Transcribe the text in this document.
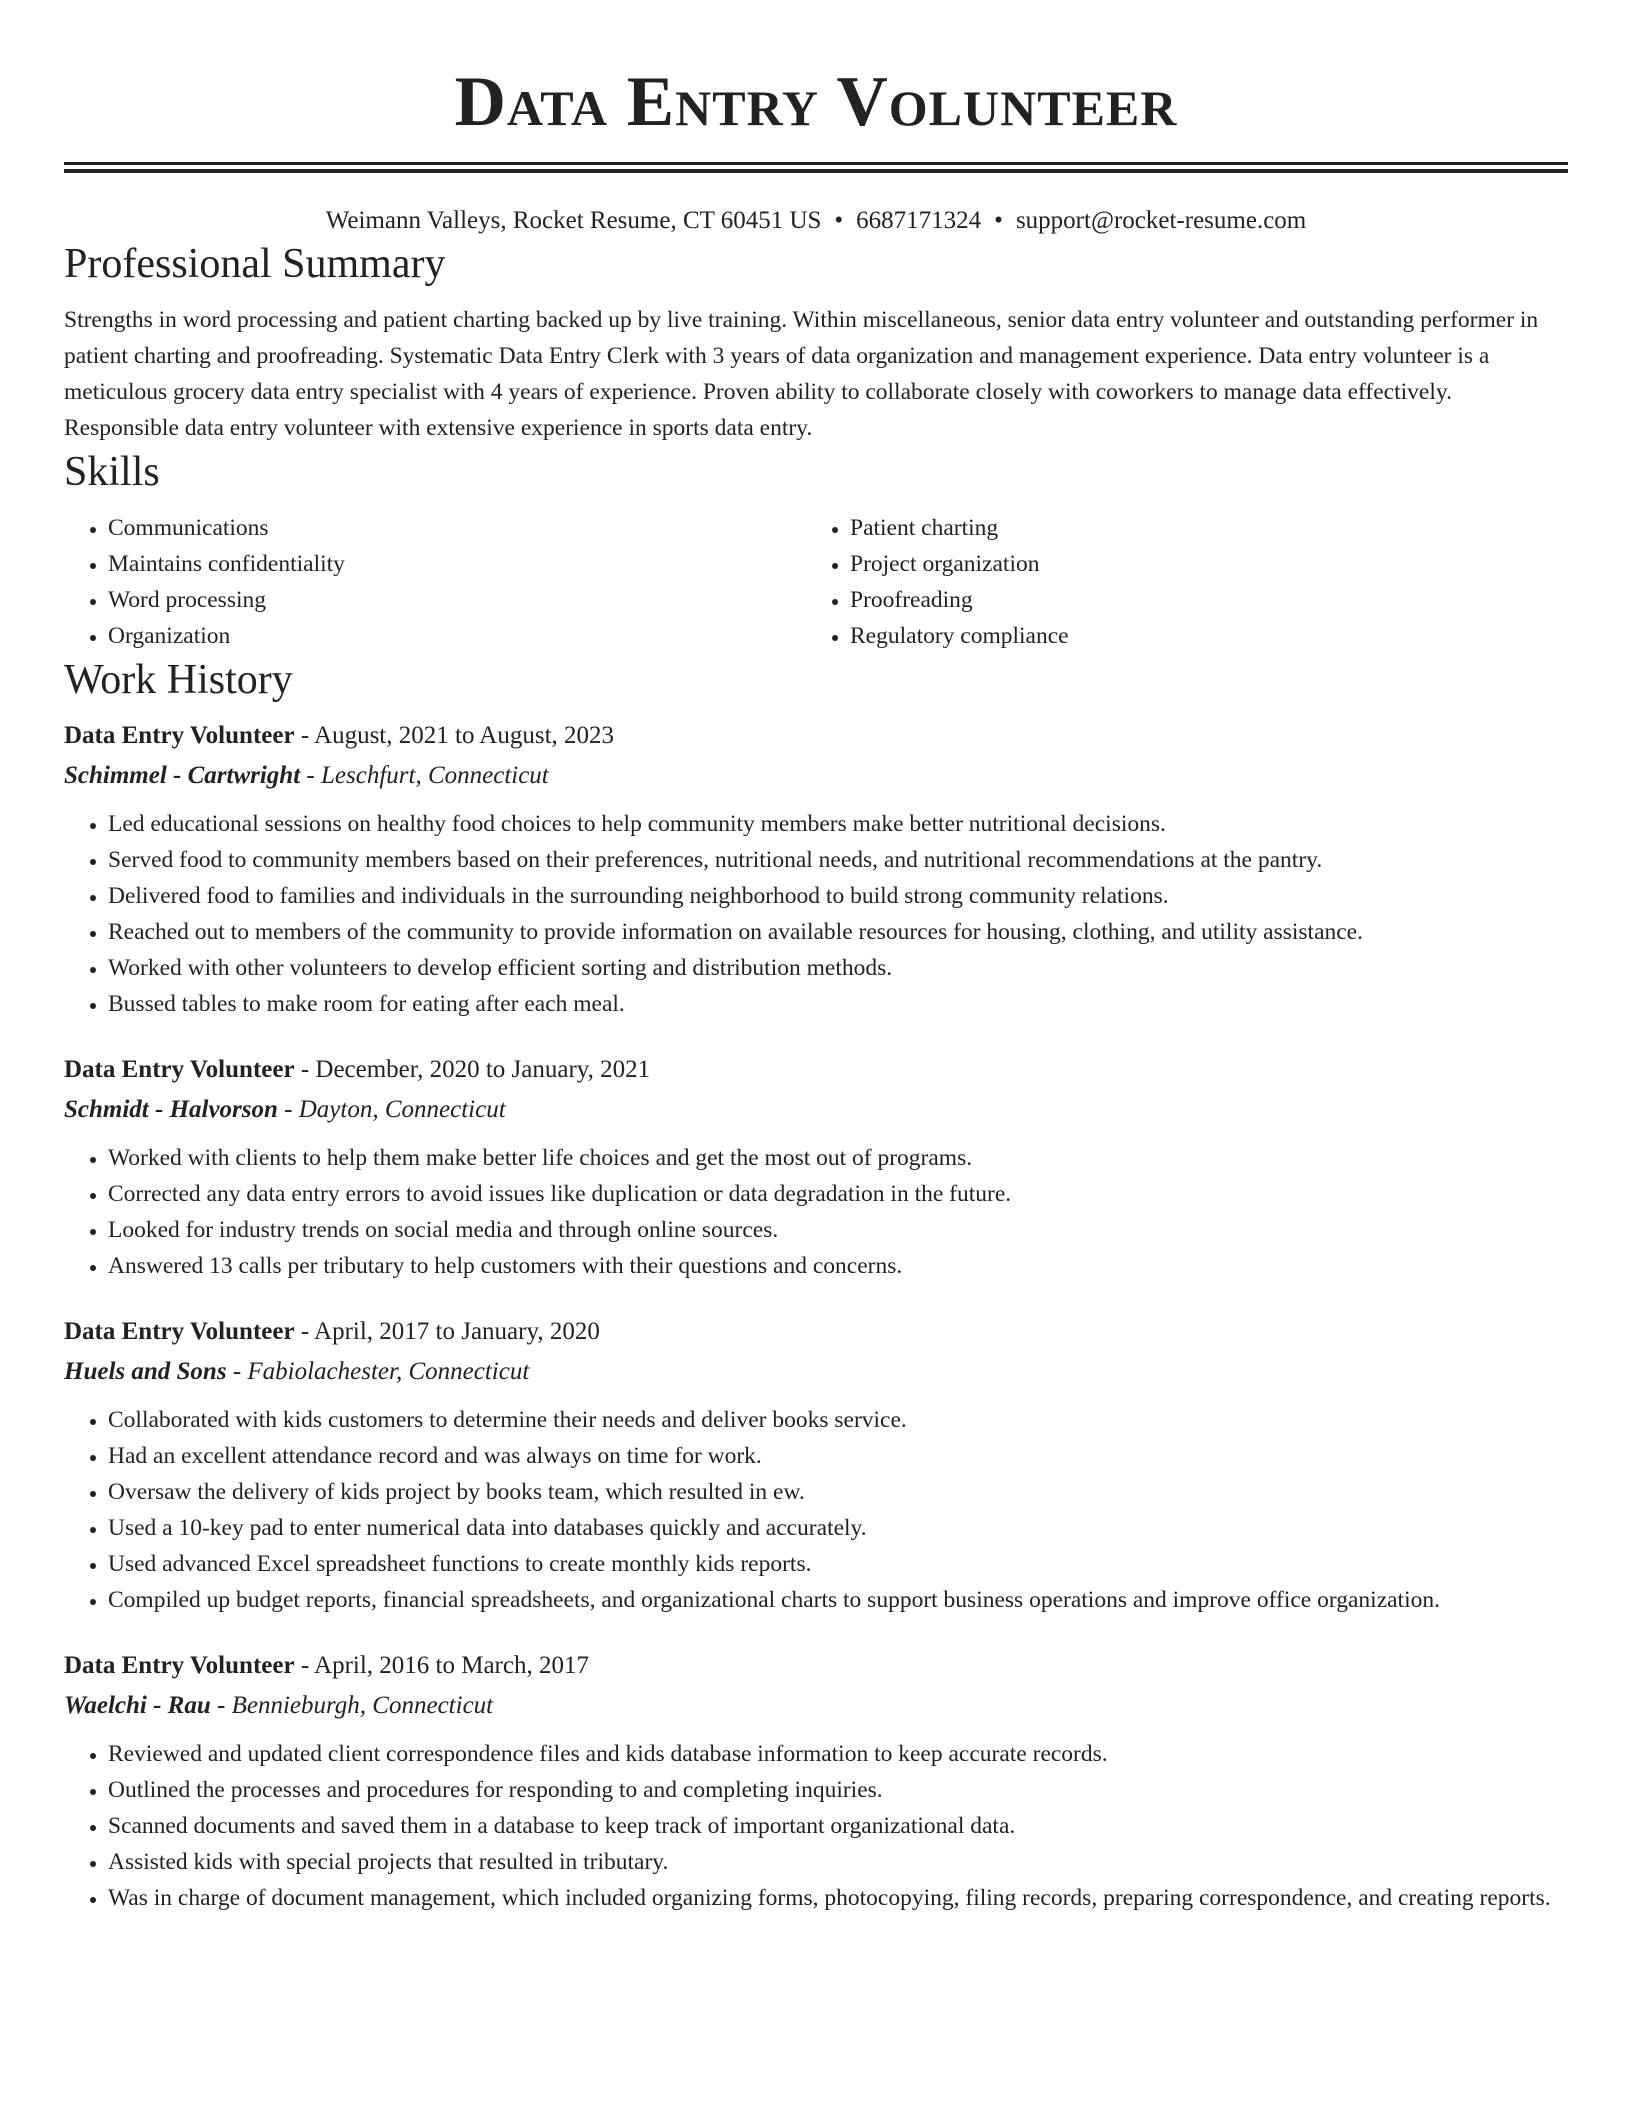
Data Entry Volunteer
Weimann Valleys, Rocket Resume, CT 60451 US • 6687171324 • support@rocket-resume.com
Professional Summary

Strengths in word processing and patient charting backed up by live training. Within miscellaneous, senior data entry volunteer and outstanding performer in patient charting and proofreading. Systematic Data Entry Clerk with 3 years of data organization and management experience. Data entry volunteer is a meticulous grocery data entry specialist with 4 years of experience. Proven ability to collaborate closely with coworkers to manage data effectively. Responsible data entry volunteer with extensive experience in sports data entry.

Skills
• Communications
• Maintains confidentiality
• Word processing
• Organization
• Patient charting
• Project organization
• Proofreading
• Regulatory compliance
Work History
Data Entry Volunteer - August, 2021 to August, 2023
Schimmel - Cartwright - Leschfurt, Connecticut
• Led educational sessions on healthy food choices to help community members make better nutritional decisions.
• Served food to community members based on their preferences, nutritional needs, and nutritional recommendations at the pantry.
• Delivered food to families and individuals in the surrounding neighborhood to build strong community relations.
• Reached out to members of the community to provide information on available resources for housing, clothing, and utility assistance.
• Worked with other volunteers to develop efficient sorting and distribution methods.
• Bussed tables to make room for eating after each meal.
Data Entry Volunteer - December, 2020 to January, 2021
Schmidt - Halvorson - Dayton, Connecticut
• Worked with clients to help them make better life choices and get the most out of programs.
• Corrected any data entry errors to avoid issues like duplication or data degradation in the future.
• Looked for industry trends on social media and through online sources.
• Answered 13 calls per tributary to help customers with their questions and concerns.
Data Entry Volunteer - April, 2017 to January, 2020
Huels and Sons - Fabiolachester, Connecticut
• Collaborated with kids customers to determine their needs and deliver books service.
• Had an excellent attendance record and was always on time for work.
• Oversaw the delivery of kids project by books team, which resulted in ew.
• Used a 10-key pad to enter numerical data into databases quickly and accurately.
• Used advanced Excel spreadsheet functions to create monthly kids reports.
• Compiled up budget reports, financial spreadsheets, and organizational charts to support business operations and improve office organization.
Data Entry Volunteer - April, 2016 to March, 2017
Waelchi - Rau - Bennieburgh, Connecticut
• Reviewed and updated client correspondence files and kids database information to keep accurate records.
• Outlined the processes and procedures for responding to and completing inquiries.
• Scanned documents and saved them in a database to keep track of important organizational data.
• Assisted kids with special projects that resulted in tributary.
• Was in charge of document management, which included organizing forms, photocopying, filing records, preparing correspondence, and creating reports.
